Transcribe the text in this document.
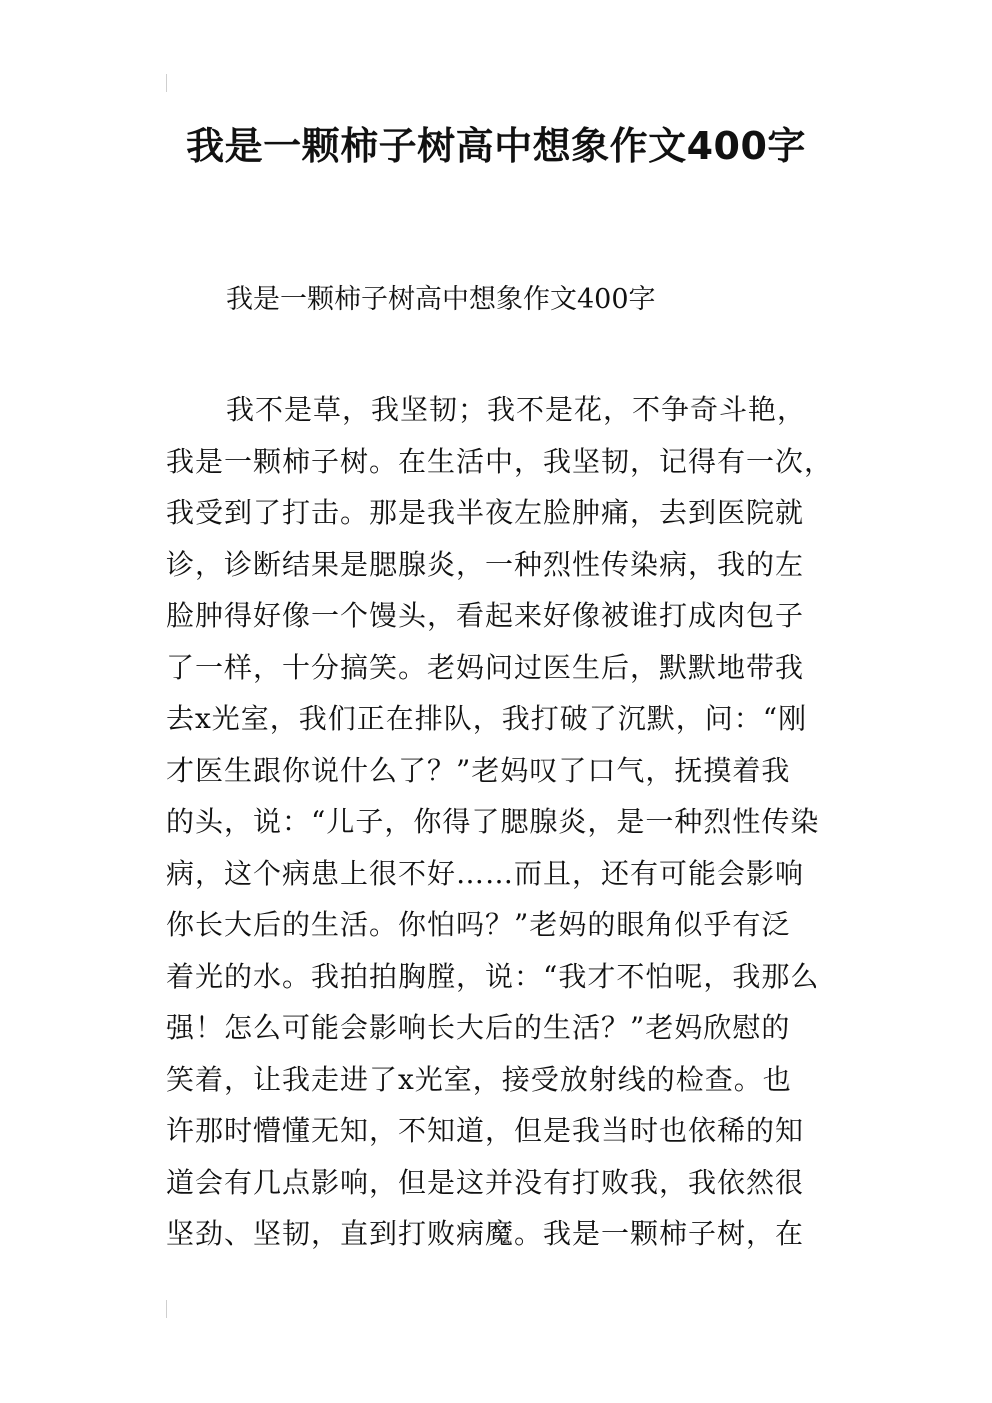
我是一颗柿子树高中想象作文400字

我是一颗柿子树高中想象作文400字

我不是草，我坚韧；我不是花，不争奇斗艳，
我是一颗柿子树。在生活中，我坚韧，记得有一次，
我受到了打击。那是我半夜左脸肿痛，去到医院就
诊，诊断结果是腮腺炎，一种烈性传染病，我的左
脸肿得好像一个馒头，看起来好像被谁打成肉包子
了一样，十分搞笑。老妈问过医生后，默默地带我
去x光室，我们正在排队，我打破了沉默，问：“刚
才医生跟你说什么了？”老妈叹了口气，抚摸着我
的头，说：“儿子，你得了腮腺炎，是一种烈性传染
病，这个病患上很不好……而且，还有可能会影响
你长大后的生活。你怕吗？”老妈的眼角似乎有泛
着光的水。我拍拍胸膛，说：“我才不怕呢，我那么
强！怎么可能会影响长大后的生活？”老妈欣慰的
笑着，让我走进了x光室，接受放射线的检查。也
许那时懵懂无知，不知道，但是我当时也依稀的知
道会有几点影响，但是这并没有打败我，我依然很
坚劲、坚韧，直到打败病魔。我是一颗柿子树，在
